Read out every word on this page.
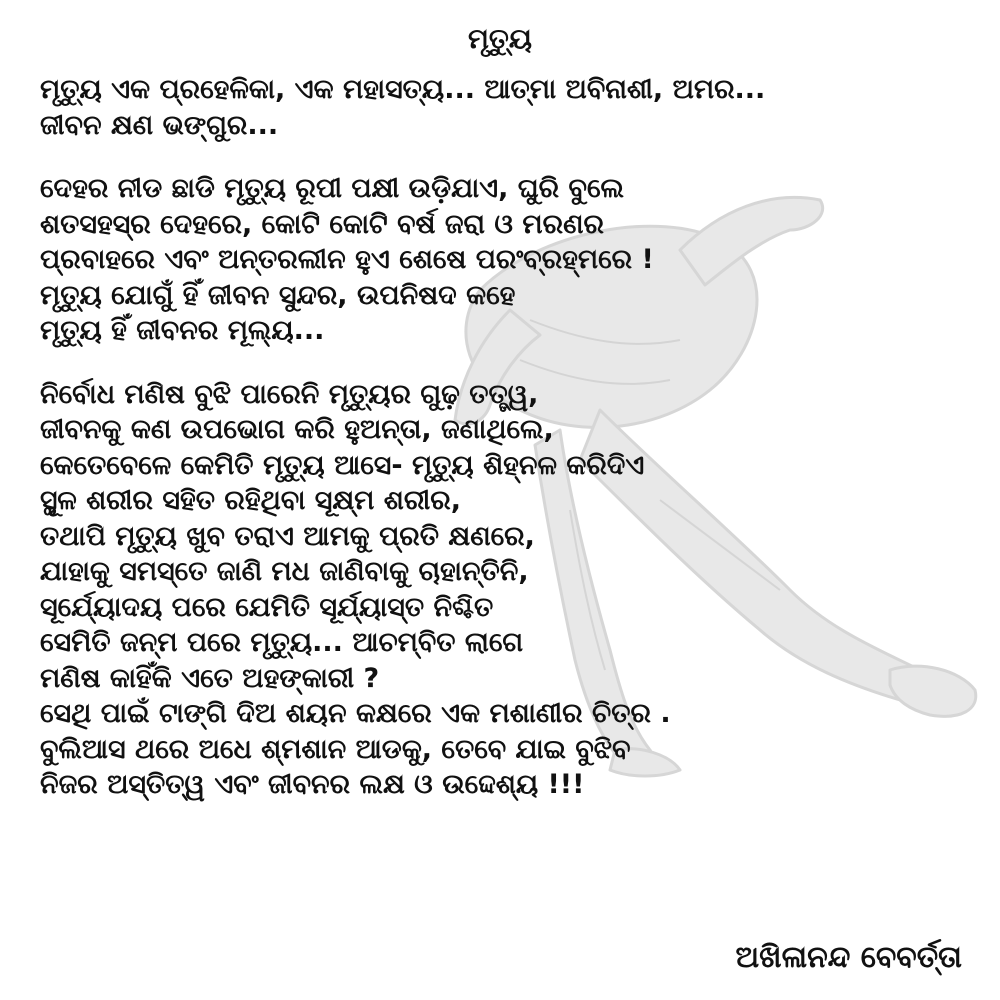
ମୃତ୍ୟୁ
ମୃତ୍ୟୁ ଏକ ପ୍ରହେଳିକା, ଏକ ମହାସତ୍ୟ... ଆତ୍ମା ଅବିନାଶୀ, ଅମର...
ଜୀବନ କ୍ଷଣ ଭଙ୍ଗୁର...
ଦେହର ନୀଡ ଛାଡି ମୃତ୍ୟୁ ରୂପୀ ପକ୍ଷୀ ଉଡ଼ିଯାଏ, ଘୁରି ବୁଲେ
ଶତସହସ୍ର ଦେହରେ, କୋଟି କୋଟି ବର୍ଷ ଜରା ଓ ମରଣର
ପ୍ରବାହରେ ଏବଂ ଅନ୍ତରଲୀନ ହୁଏ ଶେଷେ ପରଂବ୍ରହ୍ମରେ !
ମୃତ୍ୟୁ ଯୋଗୁଁ ହିଁ ଜୀବନ ସୁନ୍ଦର, ଉପନିଷଦ କହେ
ମୃତ୍ୟୁ ହିଁ ଜୀବନର ମୂଲ୍ୟ...
ନିର୍ବୋଧ ମଣିଷ ବୁଝି ପାରେନି ମୃତ୍ୟୁର ଗୁଢ଼ ତତ୍ତ୍ୱ,
ଜୀବନକୁ କଣ ଉପଭୋଗ କରି ହୁଅନ୍ତା, ଜଣାଥିଲେ,
କେତେବେଳେ କେମିତି ମୃତ୍ୟୁ ଆସେ- ମୃତ୍ୟୁ ଶିହ୍ନଳ କରିଦିଏ
ସ୍ଥୂଳ ଶରୀର ସହିତ ରହିଥିବା ସୂକ୍ଷ୍ମ ଶରୀର,
ତଥାପି ମୃତ୍ୟୁ ଖୁବ ତରାଏ ଆମକୁ ପ୍ରତି କ୍ଷଣରେ,
ଯାହାକୁ ସମସ୍ତେ ଜାଣି ମଧ ଜାଣିବାକୁ ଚାହାନ୍ତିନି,
ସୂର୍ଯ୍ୟୋଦୟ ପରେ ଯେମିତି ସୂର୍ଯ୍ୟାସ୍ତ ନିଶ୍ଚିତ
ସେମିତି ଜନ୍ମ ପରେ ମୃତ୍ୟୁ... ଆଚମ୍ବିତ ଲାଗେ
ମଣିଷ କାହିଁକି ଏତେ ଅହଙ୍କାରୀ ?
ସେଥି ପାଇଁ ଟାଙ୍ଗି ଦିଅ ଶୟନ କକ୍ଷରେ ଏକ ମଶାଣୀର ଚିତ୍ର .
ବୁଲିଆସ ଥରେ ଅଧେ ଶ୍ମଶାନ ଆଡକୁ, ତେବେ ଯାଇ ବୁଝିବ
ନିଜର ଅସ୍ତିତ୍ୱ ଏବଂ ଜୀବନର ଲକ୍ଷ ଓ ଉଦ୍ଦେଶ୍ୟ !!!
ଅଖିଳାନନ୍ଦ ବେବର୍ତ୍ତା
